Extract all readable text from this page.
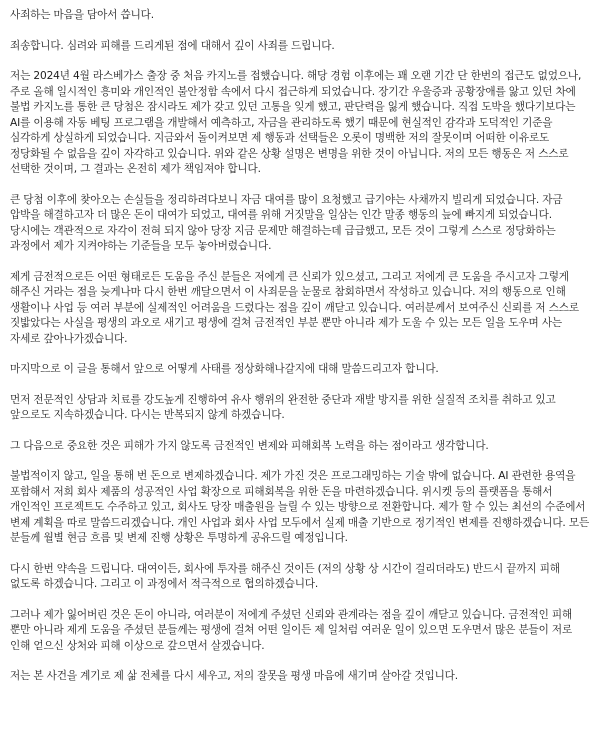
사죄하는 마음을 담아서 씁니다.

죄송합니다. 심려와 피해를 드리게된 점에 대해서 깊이 사죄를 드립니다.

저는 2024년 4월 라스베가스 출장 중 처음 카지노를 접했습니다. 해당 경험 이후에는 꽤 오랜 기간 단 한번의 접근도 없었으나, 주로 올해 일시적인 흥미와 개인적인 불안정함 속에서 다시 접근하게 되었습니다. 장기간 우울증과 공황장애를 앓고 있던 차에 불법 카지노를 통한 큰 당첨은 잠시라도 제가 갖고 있던 고통을 잊게 했고, 판단력을 잃게 했습니다. 직접 도박을 했다기보다는 AI를 이용해 자동 베팅 프로그램을 개발해서 예측하고, 자금을 관리하도록 했기 때문에 현실적인 감각과 도덕적인 기준을 심각하게 상실하게 되었습니다. 지금와서 돌이켜보면 제 행동과 선택들은 오롯이 명백한 저의 잘못이며 어떠한 이유로도 정당화될 수 없음을 깊이 자각하고 있습니다. 위와 같은 상황 설명은 변명을 위한 것이 아닙니다. 저의 모든 행동은 저 스스로 선택한 것이며, 그 결과는 온전히 제가 책임져야 합니다.

큰 당첨 이후에 찾아오는 손실들을 정리하려다보니 자금 대여를 많이 요청했고 급기야는 사채까지 빌리게 되었습니다. 자금 압박을 해결하고자 더 많은 돈이 대여가 되었고, 대여를 위해 거짓말을 일삼는 인간 말종 행동의 늪에 빠지게 되었습니다. 당시에는 객관적으로 자각이 전혀 되지 않아 당장 지금 문제만 해결하는데 급급했고, 모든 것이 그렇게 스스로 정당화하는 과정에서 제가 지켜야하는 기준들을 모두 놓아버렸습니다.

제게 금전적으로든 어떤 형태로든 도움을 주신 분들은 저에게 큰 신뢰가 있으셨고, 그리고 저에게 큰 도움을 주시고자 그렇게 해주신 거라는 점을 늦게나마 다시 한번 깨달으면서 이 사죄문을 눈물로 참회하면서 작성하고 있습니다. 저의 행동으로 인해 생활이나 사업 등 여러 부분에 실제적인 어려움을 드렸다는 점을 깊이 깨닫고 있습니다. 여러분께서 보여주신 신뢰를 저 스스로 짓밟았다는 사실을 평생의 과오로 새기고 평생에 걸쳐 금전적인 부분 뿐만 아니라 제가 도울 수 있는 모든 일을 도우며 사는 자세로 갚아나가겠습니다.

마지막으로 이 글을 통해서 앞으로 어떻게 사태를 정상화해나갈지에 대해 말씀드리고자 합니다.

먼저 전문적인 상담과 치료를 강도높게 진행하여 유사 행위의 완전한 중단과 재발 방지를 위한 실질적 조치를 취하고 있고 앞으로도 지속하겠습니다. 다시는 반복되지 않게 하겠습니다.

그 다음으로 중요한 것은 피해가 가지 않도록 금전적인 변제와 피해회복 노력을 하는 점이라고 생각합니다.

불법적이지 않고, 일을 통해 번 돈으로 변제하겠습니다. 제가 가진 것은 프로그래밍하는 기술 밖에 없습니다. AI 관련한 용역을 포함해서 저희 회사 제품의 성공적인 사업 확장으로 피해회복을 위한 돈을 마련하겠습니다. 위시켓 등의 플랫폼을 통해서 개인적인 프로젝트도 수주하고 있고, 회사도 당장 매출원을 늘릴 수 있는 방향으로 전환합니다. 제가 할 수 있는 최선의 수준에서 변제 계획을 따로 말씀드리겠습니다. 개인 사업과 회사 사업 모두에서 실제 매출 기반으로 정기적인 변제를 진행하겠습니다. 모든 분들께 월별 현금 흐름 및 변제 진행 상황은 투명하게 공유드릴 예정입니다.

다시 한번 약속을 드립니다. 대여이든, 회사에 투자를 해주신 것이든 (저의 상황 상 시간이 걸리더라도) 반드시 끝까지 피해 없도록 하겠습니다. 그리고 이 과정에서 적극적으로 협의하겠습니다.

그러나 제가 잃어버린 것은 돈이 아니라, 여러분이 저에게 주셨던 신뢰와 관계라는 점을 깊이 깨닫고 있습니다. 금전적인 피해 뿐만 아니라 제게 도움을 주셨던 분들께는 평생에 걸쳐 어떤 일이든 제 일처럼 여러운 일이 있으면 도우면서 많은 분들이 저로 인해 얻으신 상처와 피해 이상으로 갚으면서 살겠습니다.

저는 본 사건을 계기로 제 삶 전체를 다시 세우고, 저의 잘못을 평생 마음에 새기며 살아갈 것입니다.
